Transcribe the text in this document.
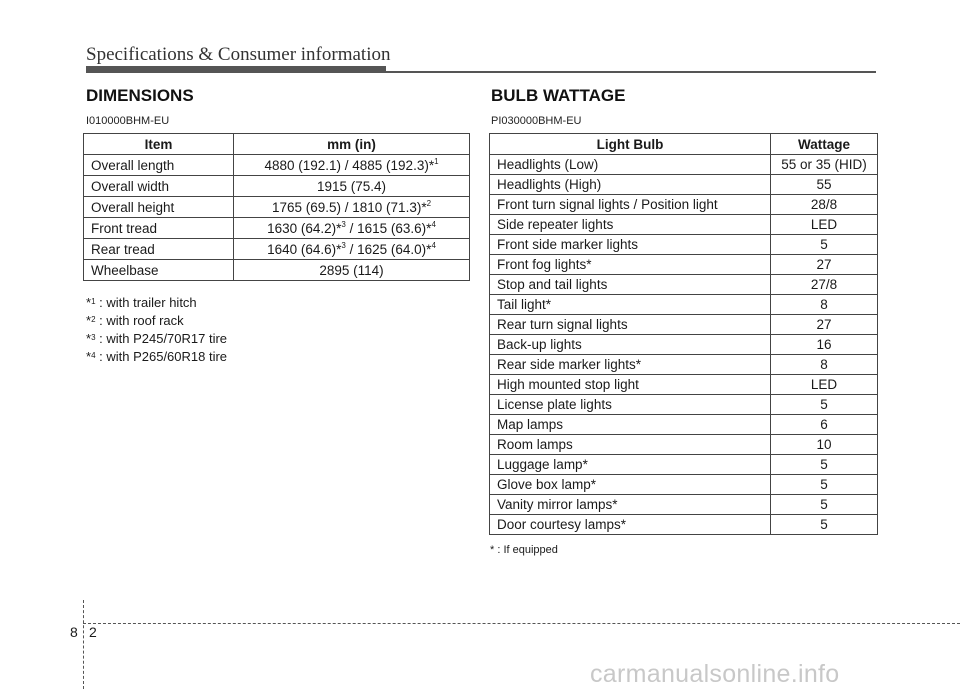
Specifications & Consumer information
DIMENSIONS
I010000BHM-EU
Item	mm (in)
Overall length	4880 (192.1) / 4885 (192.3)*$^1$
Overall width	1915 (75.4)
Overall height	1765 (69.5) / 1810 (71.3)*$^2$
Front tread	1630 (64.2)*$^3$ / 1615 (63.6)*$^4$
Rear tread	1640 (64.6)*$^3$ / 1625 (64.0)*$^4$
Wheelbase	2895 (114)
*$^1$ : with trailer hitch
*$^2$ : with roof rack
*$^3$ : with P245/70R17 tire
*$^4$ : with P265/60R18 tire
BULB WATTAGE
PI030000BHM-EU
Light Bulb	Wattage
Headlights (Low)	55 or 35 (HID)
Headlights (High)	55
Front turn signal lights / Position light	28/8
Side repeater lights	LED
Front side marker lights	5
Front fog lights*	27
Stop and tail lights	27/8
Tail light*	8
Rear turn signal lights	27
Back-up lights	16
Rear side marker lights*	8
High mounted stop light	LED
License plate lights	5
Map lamps	6
Room lamps	10
Luggage lamp*	5
Glove box lamp*	5
Vanity mirror lamps*	5
Door courtesy lamps*	5
* : If equipped
8 2
carmanualsonline.info
